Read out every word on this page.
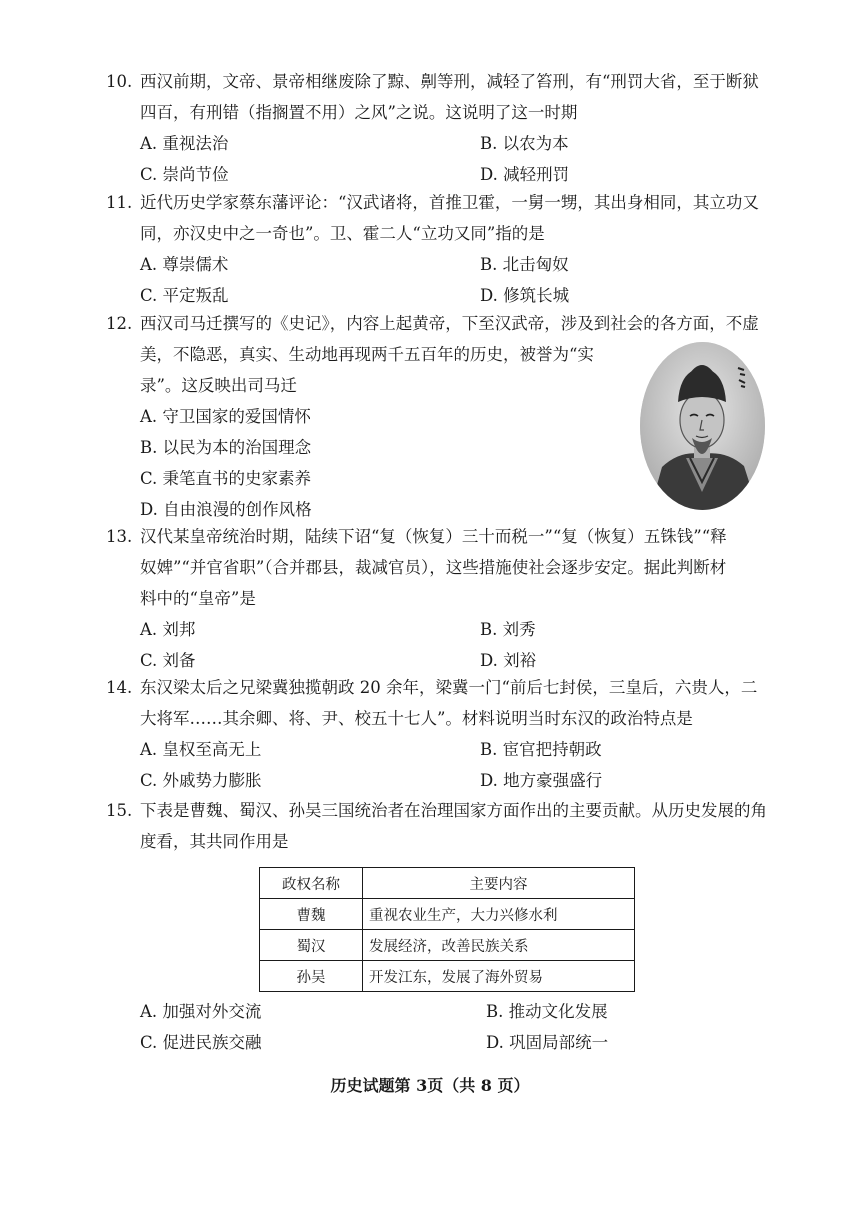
10. 西汉前期，文帝、景帝相继废除了黥、劓等刑，减轻了笞刑，有“刑罚大省，至于断狱
四百，有刑错（指搁置不用）之风”之说。这说明了这一时期
A. 重视法治	B. 以农为本
C. 崇尚节俭	D. 减轻刑罚
11. 近代历史学家蔡东藩评论：“汉武诸将，首推卫霍，一舅一甥，其出身相同，其立功又
同，亦汉史中之一奇也”。卫、霍二人“立功又同”指的是
A. 尊崇儒术	B. 北击匈奴
C. 平定叛乱	D. 修筑长城
12. 西汉司马迁撰写的《史记》，内容上起黄帝，下至汉武帝，涉及到社会的各方面，不虚
美，不隐恶，真实、生动地再现两千五百年的历史，被誉为“实
录”。这反映出司马迁
A. 守卫国家的爱国情怀
B. 以民为本的治国理念
C. 秉笔直书的史家素养
D. 自由浪漫的创作风格
13. 汉代某皇帝统治时期，陆续下诏“复（恢复）三十而税一”“复（恢复）五铢钱”“释
奴婢”“并官省职”（合并郡县，裁减官员），这些措施使社会逐步安定。据此判断材
料中的“皇帝”是
A. 刘邦	B. 刘秀
C. 刘备	D. 刘裕
14. 东汉梁太后之兄梁冀独揽朝政 20 余年，梁冀一门“前后七封侯，三皇后，六贵人，二
大将军……其余卿、将、尹、校五十七人”。材料说明当时东汉的政治特点是
A. 皇权至高无上	B. 宦官把持朝政
C. 外戚势力膨胀	D. 地方豪强盛行
15. 下表是曹魏、蜀汉、孙吴三国统治者在治理国家方面作出的主要贡献。从历史发展的角
度看，其共同作用是
政权名称	主要内容
曹魏	重视农业生产，大力兴修水利
蜀汉	发展经济，改善民族关系
孙吴	开发江东，发展了海外贸易
A. 加强对外交流	B. 推动文化发展
C. 促进民族交融	D. 巩固局部统一
历史试题第 3页（共 8 页）
